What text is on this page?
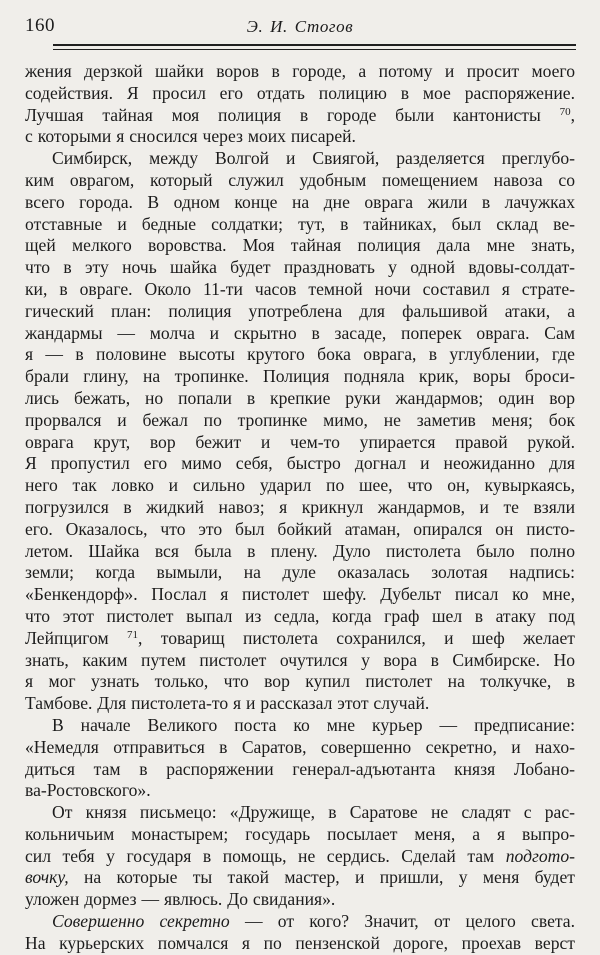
160	Э. И. Стогов
жения дерзкой шайки воров в городе, а потому и просит моего
содействия. Я просил его отдать полицию в мое распоряжение.
Лучшая тайная моя полиция в городе были кантонисты $^{70}$,
с которыми я сносился через моих писарей.
Симбирск, между Волгой и Свиягой, разделяется преглубо-
ким оврагом, который служил удобным помещением навоза со
всего города. В одном конце на дне оврага жили в лачужках
отставные и бедные солдатки; тут, в тайниках, был склад ве-
щей мелкого воровства. Моя тайная полиция дала мне знать,
что в эту ночь шайка будет праздновать у одной вдовы-солдат-
ки, в овраге. Около 11-ти часов темной ночи составил я страте-
гический план: полиция употреблена для фальшивой атаки, а
жандармы — молча и скрытно в засаде, поперек оврага. Сам
я — в половине высоты крутого бока оврага, в углублении, где
брали глину, на тропинке. Полиция подняла крик, воры броси-
лись бежать, но попали в крепкие руки жандармов; один вор
прорвался и бежал по тропинке мимо, не заметив меня; бок
оврага крут, вор бежит и чем-то упирается правой рукой.
Я пропустил его мимо себя, быстро догнал и неожиданно для
него так ловко и сильно ударил по шее, что он, кувыркаясь,
погрузился в жидкий навоз; я крикнул жандармов, и те взяли
его. Оказалось, что это был бойкий атаман, опирался он писто-
летом. Шайка вся была в плену. Дуло пистолета было полно
земли; когда вымыли, на дуле оказалась золотая надпись:
«Бенкендорф». Послал я пистолет шефу. Дубельт писал ко мне,
что этот пистолет выпал из седла, когда граф шел в атаку под
Лейпцигом $^{71}$, товарищ пистолета сохранился, и шеф желает
знать, каким путем пистолет очутился у вора в Симбирске. Но
я мог узнать только, что вор купил пистолет на толкучке, в
Тамбове. Для пистолета-то я и рассказал этот случай.
В начале Великого поста ко мне курьер — предписание:
«Немедля отправиться в Саратов, совершенно секретно, и нахо-
диться там в распоряжении генерал-адъютанта князя Лобано-
ва-Ростовского».
От князя письмецо: «Дружище, в Саратове не сладят с рас-
кольничьим монастырем; государь посылает меня, а я выпро-
сил тебя у государя в помощь, не сердись. Сделай там подгото-
вочку, на которые ты такой мастер, и пришли, у меня будет
уложен дормез — явлюсь. До свидания».
Совершенно секретно — от кого? Значит, от целого света.
На курьерских помчался я по пензенской дороге, проехав верст
